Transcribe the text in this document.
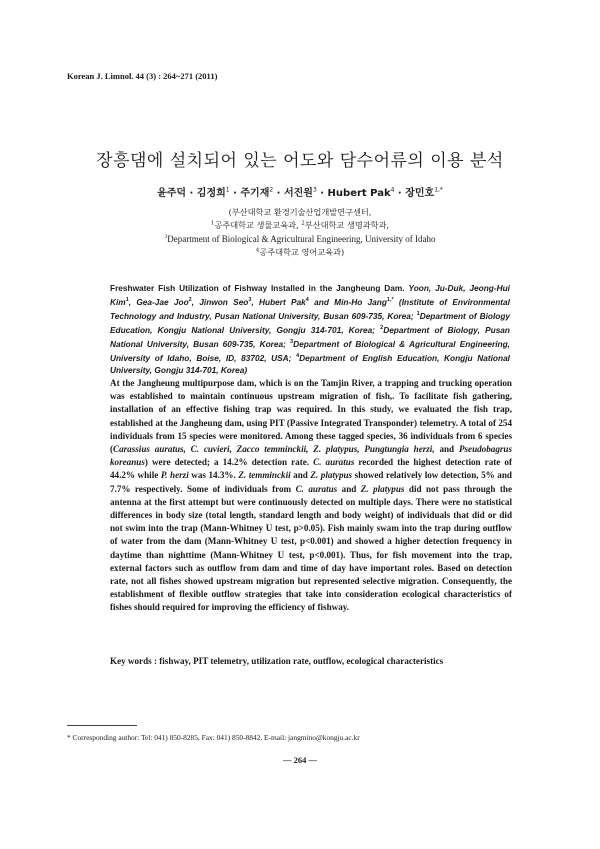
Korean J. Limnol. 44 (3) : 264~271 (2011)
장흥댐에 설치되어 있는 어도와 담수어류의 이용 분석
윤주덕 · 김정희$^1$ · 주기재$^2$ · 서진원$^3$ · Hubert Pak$^4$ · 장민호$^{1,*}$
(부산대학교 환경기술산업개발연구센터,
$^1$공주대학교 생물교육과, $^2$부산대학교 생명과학과,
$^3$Department of Biological & Agricultural Engineering, University of Idaho
$^4$공주대학교 영어교육과)
Freshwater Fish Utilization of Fishway Installed in the Jangheung Dam. Yoon, Ju-Duk, Jeong-Hui Kim$^1$, Gea-Jae Joo$^2$, Jinwon Seo$^3$, Hubert Pak$^4$ and Min-Ho Jang$^{1,*}$ (Institute of Environmental Technology and Industry, Pusan National University, Busan 609-735, Korea; $^1$Department of Biology Education, Kongju National University, Gongju 314-701, Korea; $^2$Department of Biology, Pusan National University, Busan 609-735, Korea; $^3$Department of Biological & Agricultural Engineering, University of Idaho, Boise, ID, 83702, USA; $^4$Department of English Education, Kongju National University, Gongju 314-701, Korea)

At the Jangheung multipurpose dam, which is on the Tamjin River, a trapping and trucking operation was established to maintain continuous upstream migration of fish,. To facilitate fish gathering, installation of an effective fishing trap was required. In this study, we evaluated the fish trap, established at the Jangheung dam, using PIT (Passive Integrated Transponder) telemetry. A total of 254 individuals from 15 species were monitored. Among these tagged species, 36 individuals from 6 species (Carassius auratus, C. cuvieri, Zacco temminckii, Z. platypus, Pungtungia herzi, and Pseudobagrus koreanus) were detected; a 14.2% detection rate. C. auratus recorded the highest detection rate of 44.2% while P. herzi was 14.3%. Z. temminckii and Z. platypus showed relatively low detection, 5% and 7.7% respectively. Some of individuals from C. auratus and Z. platypus did not pass through the antenna at the first attempt but were continuously detected on multiple days. There were no statistical differences in body size (total length, standard length and body weight) of individuals that did or did not swim into the trap (Mann-Whitney U test, p>0.05). Fish mainly swam into the trap during outflow of water from the dam (Mann-Whitney U test, p<0.001) and showed a higher detection frequency in daytime than nighttime (Mann-Whitney U test, p<0.001). Thus, for fish movement into the trap, external factors such as outflow from dam and time of day have important roles. Based on detection rate, not all fishes showed upstream migration but represented selective migration. Consequently, the establishment of flexible outflow strategies that take into consideration ecological characteristics of fishes should required for improving the efficiency of fishway.

Key words : fishway, PIT telemetry, utilization rate, outflow, ecological characteristics
* Corresponding author: Tel: 041) 850-8285, Fax: 041) 850-8842, E-mail: jangmino@kongju.ac.kr
— 264 —
